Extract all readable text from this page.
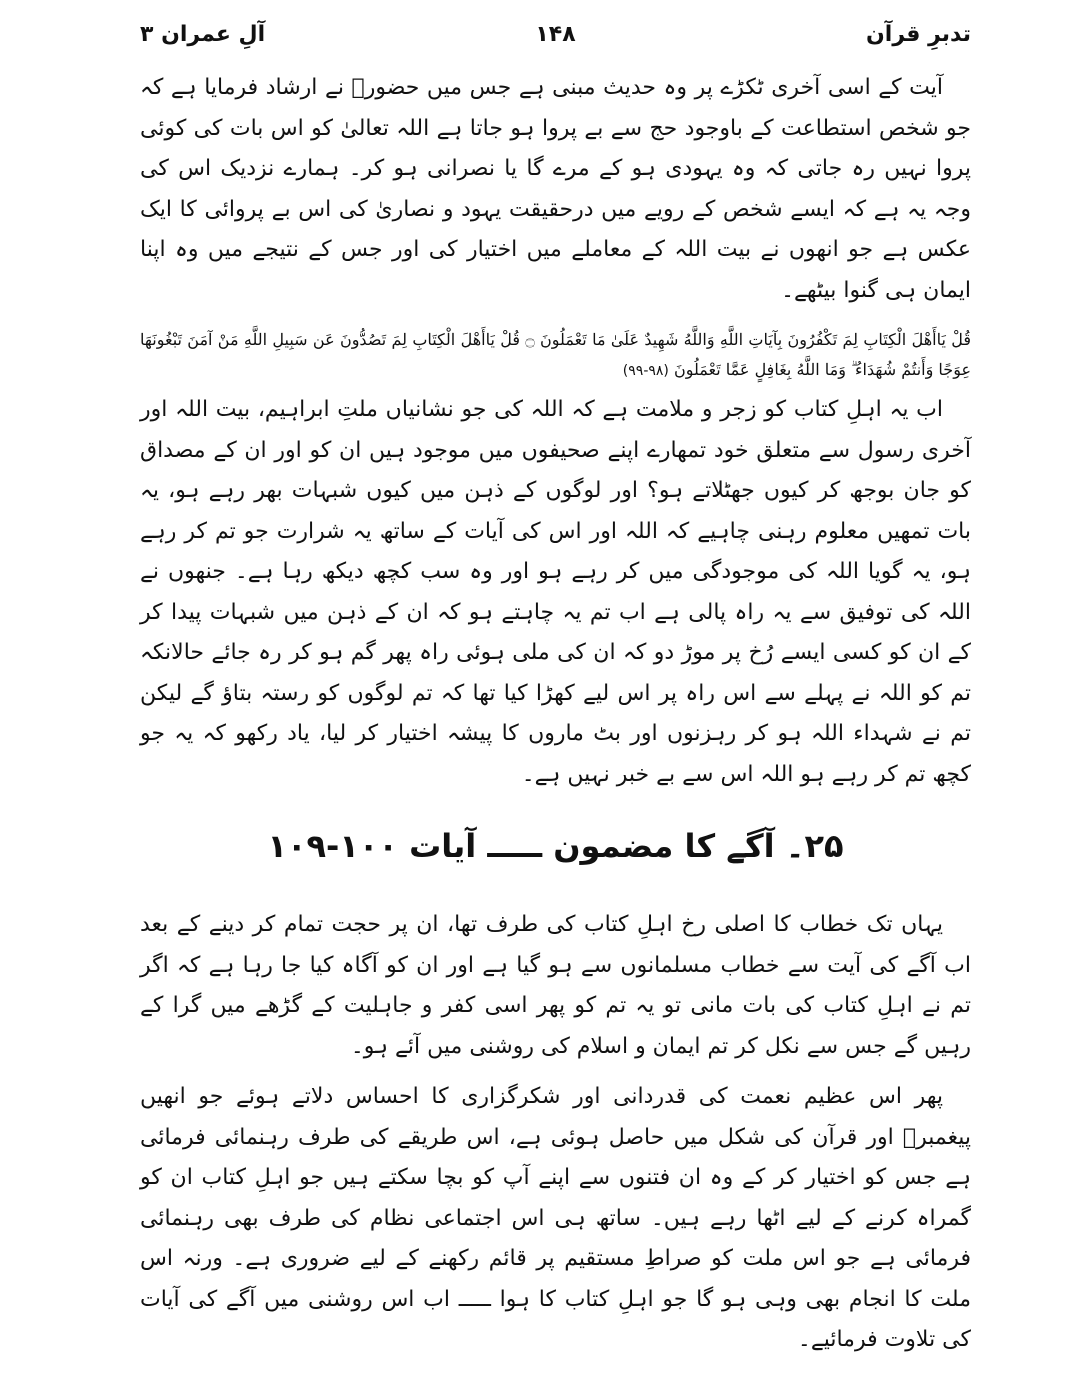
تدبرِ قرآن
۱۴۸
آلِ عمران ۳

آیت کے اسی آخری ٹکڑے پر وہ حدیث مبنی ہے جس میں حضورؐ نے ارشاد فرمایا ہے کہ جو شخص استطاعت کے باوجود حج سے بے پروا ہو جاتا ہے اللہ تعالیٰ کو اس بات کی کوئی پروا نہیں رہ جاتی کہ وہ یہودی ہو کے مرے گا یا نصرانی ہو کر۔ ہمارے نزدیک اس کی وجہ یہ ہے کہ ایسے شخص کے رویے میں درحقیقت یہود و نصاریٰ کی اس بے پروائی کا ایک عکس ہے جو انھوں نے بیت اللہ کے معاملے میں اختیار کی اور جس کے نتیجے میں وہ اپنا ایمان ہی گنوا بیٹھے۔

قُلْ يَاأَهْلَ الْكِتَابِ لِمَ تَكْفُرُونَ بِآيَاتِ اللَّهِ وَاللَّهُ شَهِيدٌ عَلَىٰ مَا تَعْمَلُونَ ۝ قُلْ يَاأَهْلَ الْكِتَابِ لِمَ تَصُدُّونَ عَن سَبِيلِ اللَّهِ مَنْ آمَنَ تَبْغُونَهَا عِوَجًا وَأَنتُمْ شُهَدَاءُ ۗ وَمَا اللَّهُ بِغَافِلٍ عَمَّا تَعْمَلُونَ (۹۸-۹۹)

اب یہ اہلِ کتاب کو زجر و ملامت ہے کہ اللہ کی جو نشانیاں ملتِ ابراہیم، بیت اللہ اور آخری رسول سے متعلق خود تمھارے اپنے صحیفوں میں موجود ہیں ان کو اور ان کے مصداق کو جان بوجھ کر کیوں جھٹلاتے ہو؟ اور لوگوں کے ذہن میں کیوں شبہات بھر رہے ہو، یہ بات تمھیں معلوم رہنی چاہیے کہ اللہ اور اس کی آیات کے ساتھ یہ شرارت جو تم کر رہے ہو، یہ گویا اللہ کی موجودگی میں کر رہے ہو اور وہ سب کچھ دیکھ رہا ہے۔ جنھوں نے اللہ کی توفیق سے یہ راہ پالی ہے اب تم یہ چاہتے ہو کہ ان کے ذہن میں شبہات پیدا کر کے ان کو کسی ایسے رُخ پر موڑ دو کہ ان کی ملی ہوئی راہ پھر گم ہو کر رہ جائے حالانکہ تم کو اللہ نے پہلے سے اس راہ پر اس لیے کھڑا کیا تھا کہ تم لوگوں کو رستہ بتاؤ گے لیکن تم نے شہداء اللہ ہو کر رہزنوں اور بٹ ماروں کا پیشہ اختیار کر لیا، یاد رکھو کہ یہ جو کچھ تم کر رہے ہو اللہ اس سے بے خبر نہیں ہے۔

۲۵۔ آگے کا مضمون ـــــ آیات ۱۰۰-۱۰۹

یہاں تک خطاب کا اصلی رخ اہلِ کتاب کی طرف تھا، ان پر حجت تمام کر دینے کے بعد اب آگے کی آیت سے خطاب مسلمانوں سے ہو گیا ہے اور ان کو آگاہ کیا جا رہا ہے کہ اگر تم نے اہلِ کتاب کی بات مانی تو یہ تم کو پھر اسی کفر و جاہلیت کے گڑھے میں گرا کے رہیں گے جس سے نکل کر تم ایمان و اسلام کی روشنی میں آئے ہو۔

پھر اس عظیم نعمت کی قدردانی اور شکرگزاری کا احساس دلاتے ہوئے جو انھیں پیغمبرؐ اور قرآن کی شکل میں حاصل ہوئی ہے، اس طریقے کی طرف رہنمائی فرمائی ہے جس کو اختیار کر کے وہ ان فتنوں سے اپنے آپ کو بچا سکتے ہیں جو اہلِ کتاب ان کو گمراہ کرنے کے لیے اٹھا رہے ہیں۔ ساتھ ہی اس اجتماعی نظام کی طرف بھی رہنمائی فرمائی ہے جو اس ملت کو صراطِ مستقیم پر قائم رکھنے کے لیے ضروری ہے۔ ورنہ اس ملت کا انجام بھی وہی ہو گا جو اہلِ کتاب کا ہوا ـــــ اب اس روشنی میں آگے کی آیات کی تلاوت فرمائیے۔
